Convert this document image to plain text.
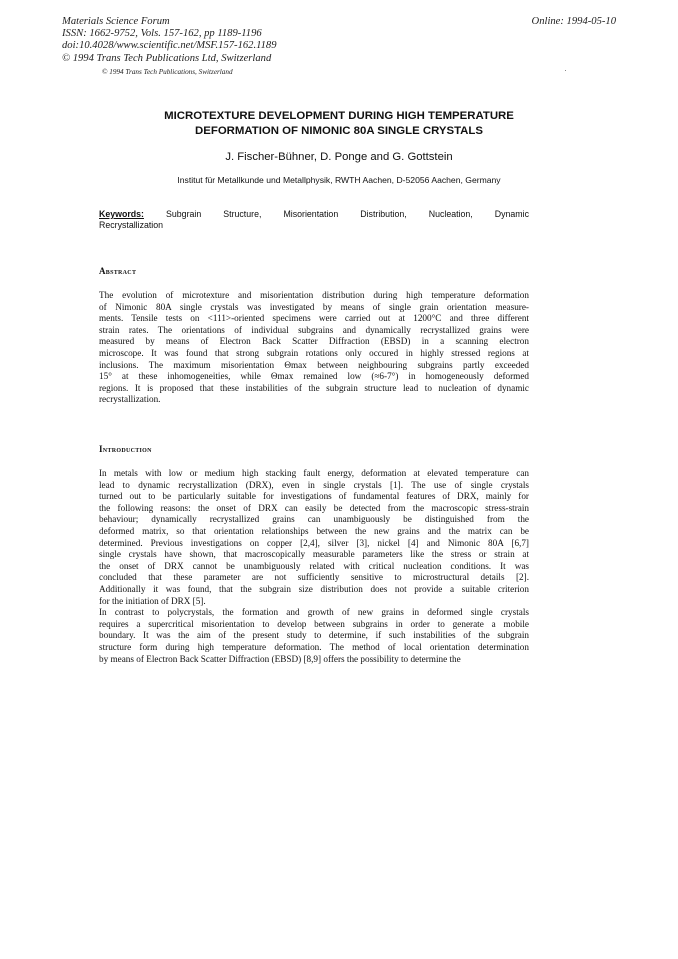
Materials Science Forum
ISSN: 1662-9752, Vols. 157-162, pp 1189-1196
doi:10.4028/www.scientific.net/MSF.157-162.1189
© 1994 Trans Tech Publications Ltd, Switzerland
Online: 1994-05-10
© 1994 Trans Tech Publications, Switzerland
MICROTEXTURE DEVELOPMENT DURING HIGH TEMPERATURE
DEFORMATION OF NIMONIC 80A SINGLE CRYSTALS
J. Fischer-Bühner, D. Ponge and G. Gottstein
Institut für Metallkunde und Metallphysik, RWTH Aachen, D-52056 Aachen, Germany
Keywords:	Subgrain Structure, Misorientation Distribution, Nucleation, Dynamic
Recrystallization
Abstract
The evolution of microtexture and misorientation distribution during high temperature deformation
of Nimonic 80A single crystals was investigated by means of single grain orientation measure-
ments. Tensile tests on <111>-oriented specimens were carried out at 1200°C and three different
strain rates. The orientations of individual subgrains and dynamically recrystallized grains were
measured by means of Electron Back Scatter Diffraction (EBSD) in a scanning electron
microscope. It was found that strong subgrain rotations only occured in highly stressed regions at
inclusions. The maximum misorientation Θmax between neighbouring subgrains partly exceeded
15° at these inhomogeneities, while Θmax remained low (≈6-7°) in homogeneously deformed
regions. It is proposed that these instabilities of the subgrain structure lead to nucleation of dynamic
recrystallization.
Introduction
In metals with low or medium high stacking fault energy, deformation at elevated temperature can
lead to dynamic recrystallization (DRX), even in single crystals [1]. The use of single crystals
turned out to be particularly suitable for investigations of fundamental features of DRX, mainly for
the following reasons: the onset of DRX can easily be detected from the macroscopic stress-strain
behaviour; dynamically recrystallized grains can unambiguously be distinguished from the
deformed matrix, so that orientation relationships between the new grains and the matrix can be
determined. Previous investigations on copper [2,4], silver [3], nickel [4] and Nimonic 80A [6,7]
single crystals have shown, that macroscopically measurable parameters like the stress or strain at
the onset of DRX cannot be unambiguously related with critical nucleation conditions. It was
concluded that these parameter are not sufficiently sensitive to microstructural details [2].
Additionally it was found, that the subgrain size distribution does not provide a suitable criterion
for the initiation of DRX [5].
In contrast to polycrystals, the formation and growth of new grains in deformed single crystals
requires a supercritical misorientation to develop between subgrains in order to generate a mobile
boundary. It was the aim of the present study to determine, if such instabilities of the subgrain
structure form during high temperature deformation. The method of local orientation determination
by means of Electron Back Scatter Diffraction (EBSD) [8,9] offers the possibility to determine the
